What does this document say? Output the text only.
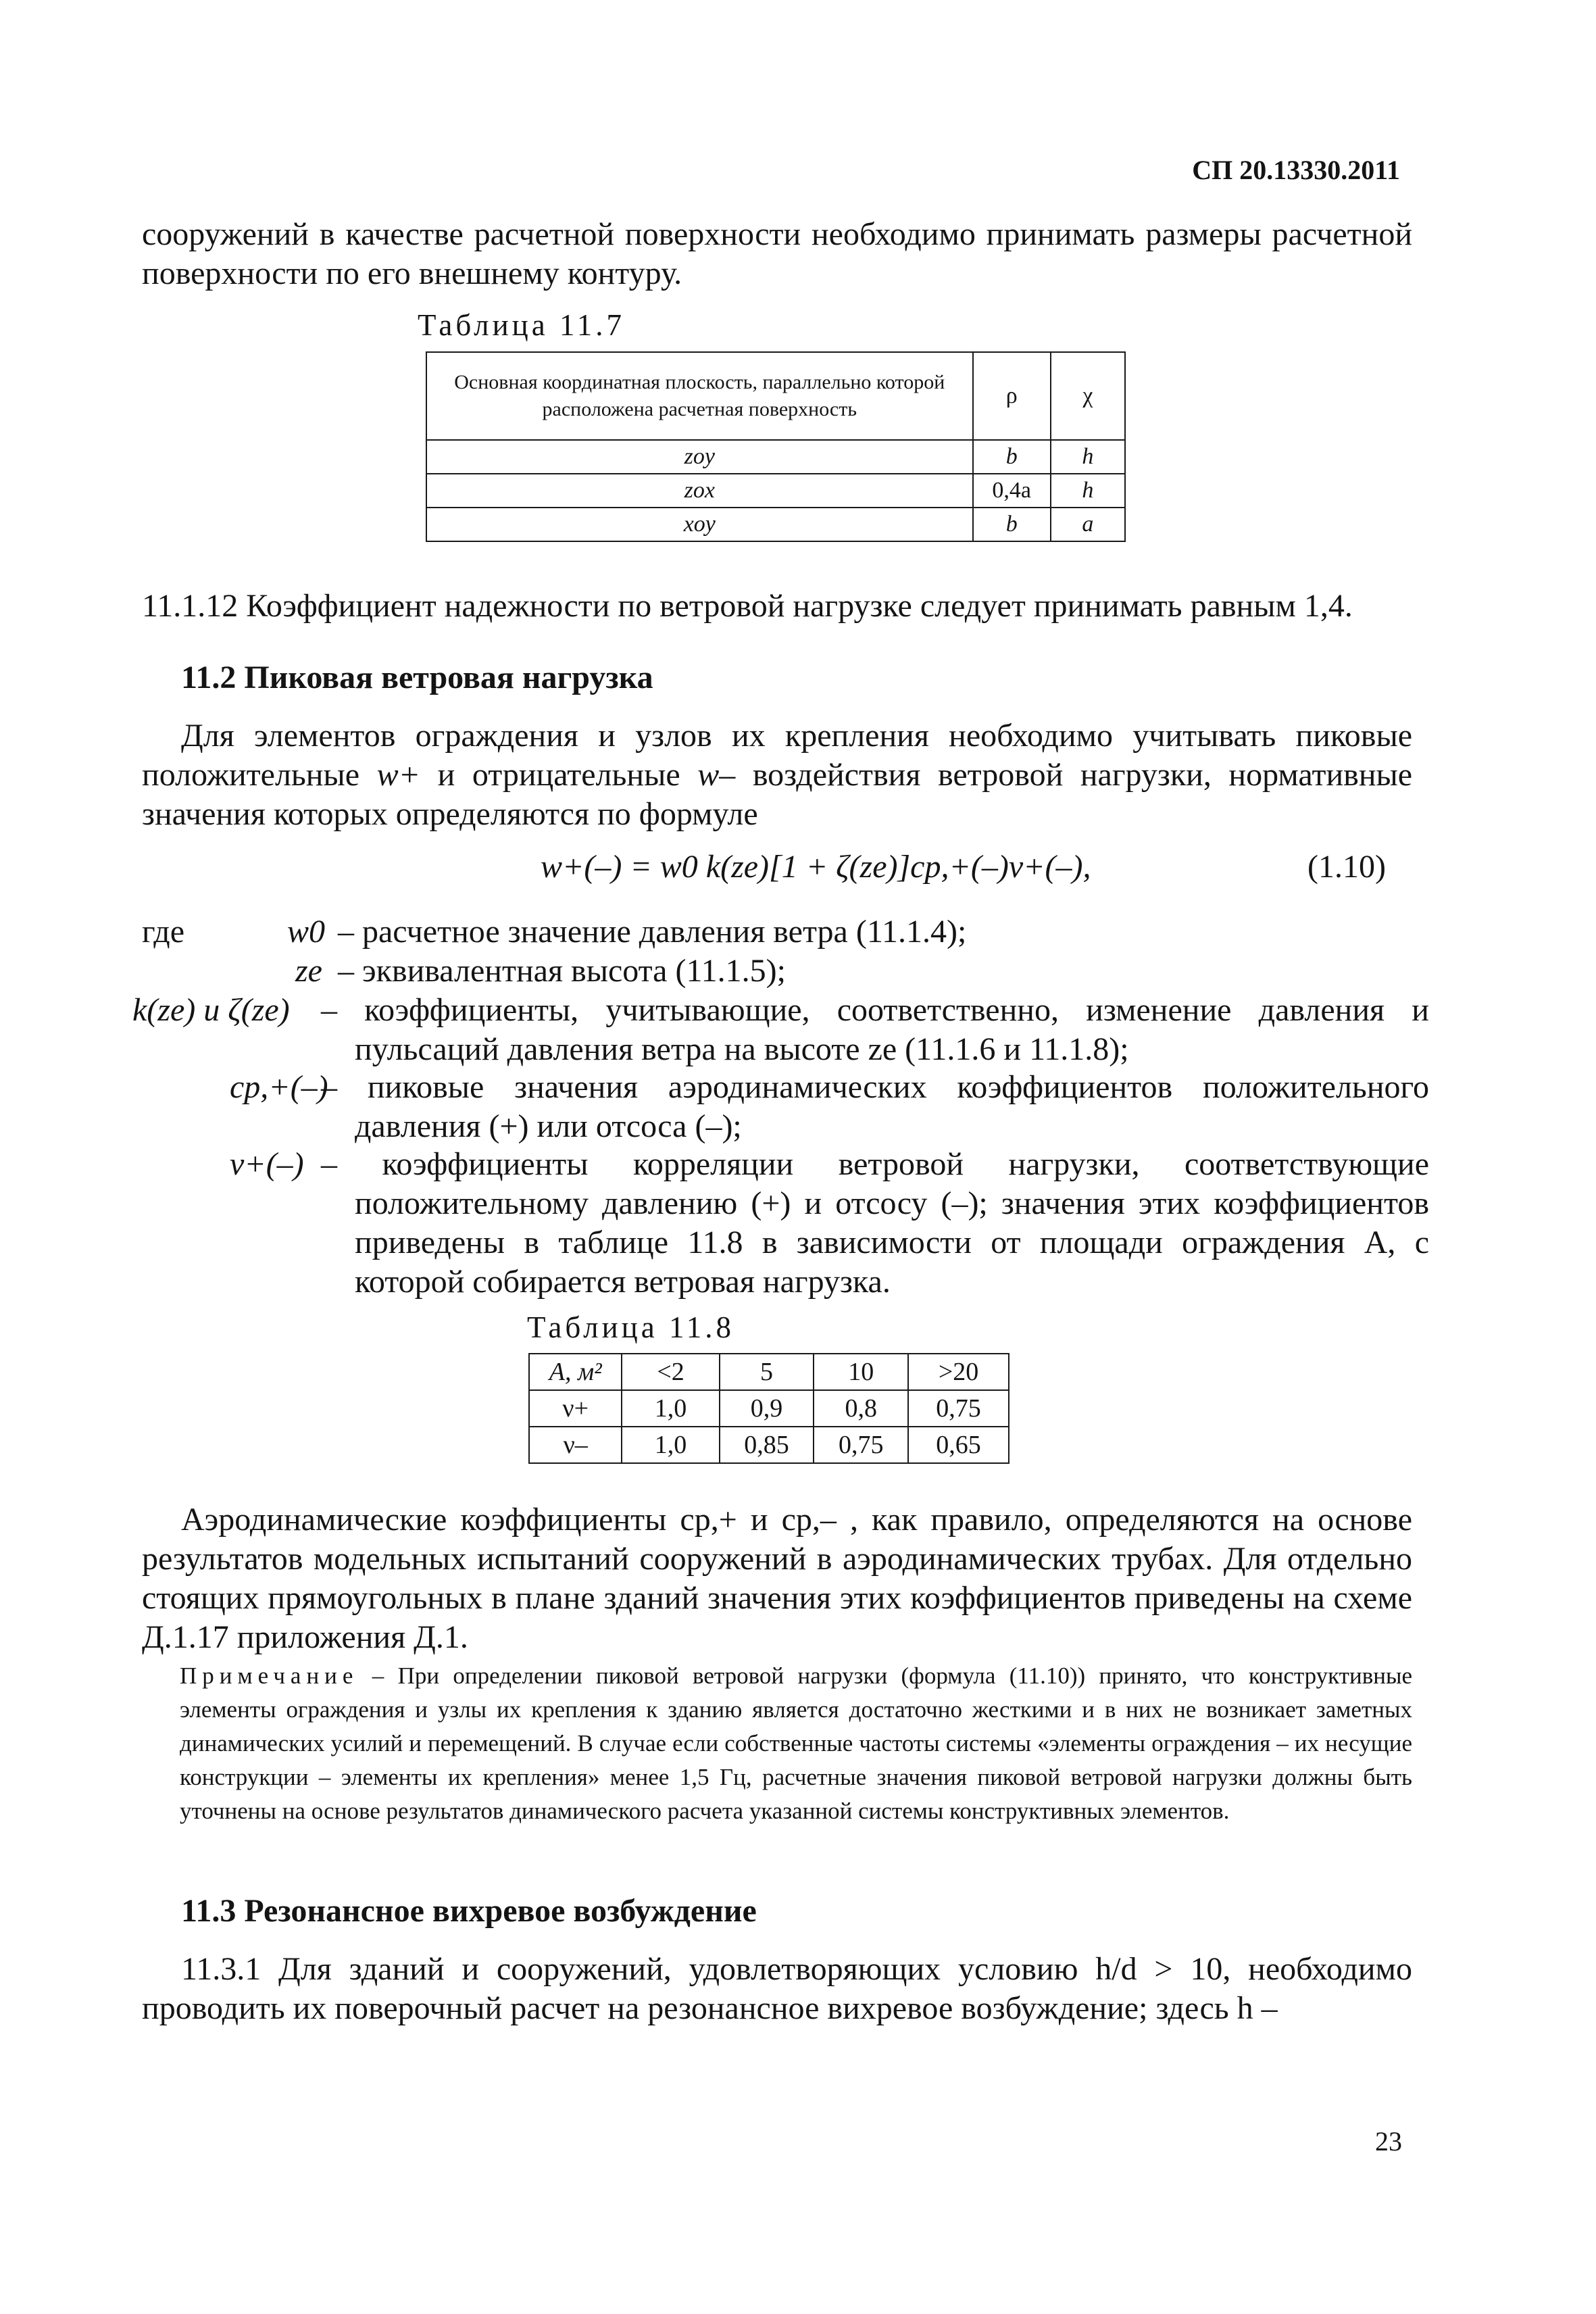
СП 20.13330.2011
сооружений в качестве расчетной поверхности необходимо принимать размеры расчетной поверхности по его внешнему контуру.
Таблица 11.7
Основная координатная плоскость, параллельно которой расположена расчетная поверхность	ρ	χ
zoy	b	h
zox	0,4a	h
xoy	b	a
11.1.12 Коэффициент надежности по ветровой нагрузке следует принимать равным 1,4.
11.2 Пиковая ветровая нагрузка
Для элементов ограждения и узлов их крепления необходимо учитывать пиковые положительные w+ и отрицательные w– воздействия ветровой нагрузки, нормативные значения которых определяются по формуле
w+(–) = w0 k(ze)[1 + ζ(ze)]cp,+(–)ν+(–),	(1.10)
где	w0 – расчетное значение давления ветра (11.1.4);
ze – эквивалентная высота (11.1.5);
k(ze) и ζ(ze) – коэффициенты, учитывающие, соответственно, изменение давления и пульсаций давления ветра на высоте ze (11.1.6 и 11.1.8);
cp,+(–)
– пиковые значения аэродинамических коэффициентов положительного давления (+) или отсоса (–);
ν+(–) – коэффициенты корреляции ветровой нагрузки, соответствующие положительному давлению (+) и отсосу (–); значения этих коэффициентов приведены в таблице 11.8 в зависимости от площади ограждения A, с которой собирается ветровая нагрузка.
Таблица 11.8
A, м²	<2	5	10	>20
ν+	1,0	0,9	0,8	0,75
ν–	1,0	0,85	0,75	0,65
Аэродинамические коэффициенты cp,+ и cp,– , как правило, определяются на основе результатов модельных испытаний сооружений в аэродинамических трубах. Для отдельно стоящих прямоугольных в плане зданий значения этих коэффициентов приведены на схеме Д.1.17 приложения Д.1.
Примечание – При определении пиковой ветровой нагрузки (формула (11.10)) принято, что конструктивные элементы ограждения и узлы их крепления к зданию является достаточно жесткими и в них не возникает заметных динамических усилий и перемещений. В случае если собственные частоты системы «элементы ограждения – их несущие конструкции – элементы их крепления» менее 1,5 Гц, расчетные значения пиковой ветровой нагрузки должны быть уточнены на основе результатов динамического расчета указанной системы конструктивных элементов.
11.3 Резонансное вихревое возбуждение
11.3.1 Для зданий и сооружений, удовлетворяющих условию h/d > 10, необходимо проводить их поверочный расчет на резонансное вихревое возбуждение; здесь h –
23
